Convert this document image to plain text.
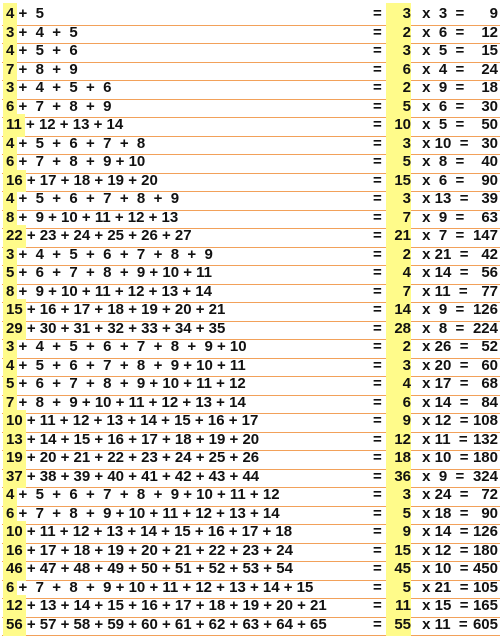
4 +  5	= 3 x  3  = 9
3 +  4  +  5	= 2 x  6  = 12
4 +  5  +  6	= 3 x  5  = 15
7 +  8  +  9	= 6 x  4  = 24
3 +  4  +  5  +  6	= 2 x  9  = 18
6 +  7  +  8  +  9	= 5 x  6  = 30
11 + 12 + 13 + 14	= 10 x  5  = 50
4 +  5  +  6  +  7  +  8	= 3 x 10  = 30
6 +  7  +  8  +  9 + 10	= 5 x  8  = 40
16 + 17 + 18 + 19 + 20	= 15 x  6  = 90
4 +  5  +  6  +  7  +  8  +  9	= 3 x 13  = 39
8 +  9 + 10 + 11 + 12 + 13	= 7 x  9  = 63
22 + 23 + 24 + 25 + 26 + 27	= 21 x  7  = 147
3 +  4  +  5  +  6  +  7  +  8  +  9	= 2 x 21  = 42
5 +  6  +  7  +  8  +  9 + 10 + 11	= 4 x 14  = 56
8 +  9 + 10 + 11 + 12 + 13 + 14	= 7 x 11  = 77
15 + 16 + 17 + 18 + 19 + 20 + 21	= 14 x  9  = 126
29 + 30 + 31 + 32 + 33 + 34 + 35	= 28 x  8  = 224
3 +  4  +  5  +  6  +  7  +  8  +  9 + 10	= 2 x 26  = 52
4 +  5  +  6  +  7  +  8  +  9 + 10 + 11	= 3 x 20  = 60
5 +  6  +  7  +  8  +  9 + 10 + 11 + 12	= 4 x 17  = 68
7 +  8  +  9 + 10 + 11 + 12 + 13 + 14	= 6 x 14  = 84
10 + 11 + 12 + 13 + 14 + 15 + 16 + 17	= 9 x 12  = 108
13 + 14 + 15 + 16 + 17 + 18 + 19 + 20	= 12 x 11  = 132
19 + 20 + 21 + 22 + 23 + 24 + 25 + 26	= 18 x 10  = 180
37 + 38 + 39 + 40 + 41 + 42 + 43 + 44	= 36 x  9  = 324
4 +  5  +  6  +  7  +  8  +  9 + 10 + 11 + 12	= 3 x 24  = 72
6 +  7  +  8  +  9 + 10 + 11 + 12 + 13 + 14	= 5 x 18  = 90
10 + 11 + 12 + 13 + 14 + 15 + 16 + 17 + 18	= 9 x 14  = 126
16 + 17 + 18 + 19 + 20 + 21 + 22 + 23 + 24	= 15 x 12  = 180
46 + 47 + 48 + 49 + 50 + 51 + 52 + 53 + 54	= 45 x 10  = 450
6 +  7  +  8  +  9 + 10 + 11 + 12 + 13 + 14 + 15	= 5 x 21  = 105
12 + 13 + 14 + 15 + 16 + 17 + 18 + 19 + 20 + 21	= 11 x 15  = 165
56 + 57 + 58 + 59 + 60 + 61 + 62 + 63 + 64 + 65	= 55 x 11  = 605
